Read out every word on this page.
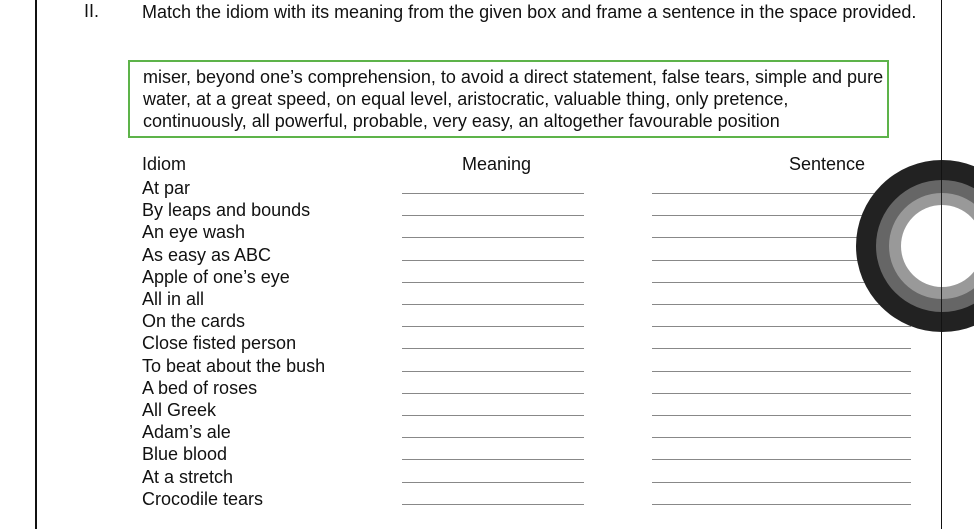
II. Match the idiom with its meaning from the given box and frame a sentence in the space provided.
miser, beyond one’s comprehension, to avoid a direct statement, false tears, simple and pure water, at a great speed, on equal level, aristocratic, valuable thing, only pretence, continuously, all powerful, probable, very easy, an altogether favourable position
Idiom	Meaning	Sentence
At par
By leaps and bounds
An eye wash
As easy as ABC
Apple of one’s eye
All in all
On the cards
Close fisted person
To beat about the bush
A bed of roses
All Greek
Adam’s ale
Blue blood
At a stretch
Crocodile tears
